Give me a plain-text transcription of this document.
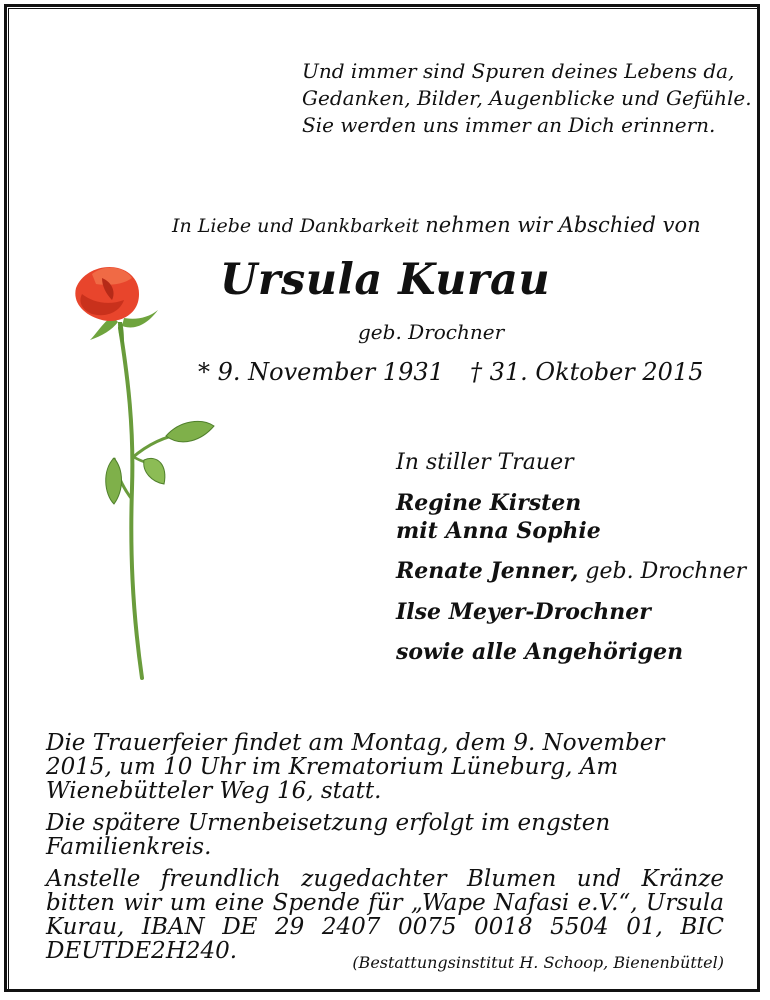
Und immer sind Spuren deines Lebens da,
Gedanken, Bilder, Augenblicke und Gefühle.
Sie werden uns immer an Dich erinnern.
In Liebe und Dankbarkeit nehmen wir Abschied von
Ursula Kurau
geb. Drochner
* 9. November 1931 † 31. Oktober 2015
In stiller Trauer
Regine Kirsten
mit Anna Sophie
Renate Jenner, geb. Drochner
Ilse Meyer-Drochner
sowie alle Angehörigen

Die Trauerfeier findet am Montag, dem 9. November 2015, um 10 Uhr im Krematorium Lüneburg, Am Wienebütteler Weg 16, statt.

Die spätere Urnenbeisetzung erfolgt im engsten Familienkreis.

Anstelle freundlich zugedachter Blumen und Kränze bitten wir um eine Spende für „Wape Nafasi e.V.“, Ursula Kurau, IBAN DE 29 2407 0075 0018 5504 01, BIC DEUTDE2H240.	(Bestattungsinstitut H. Schoop, Bienenbüttel)
